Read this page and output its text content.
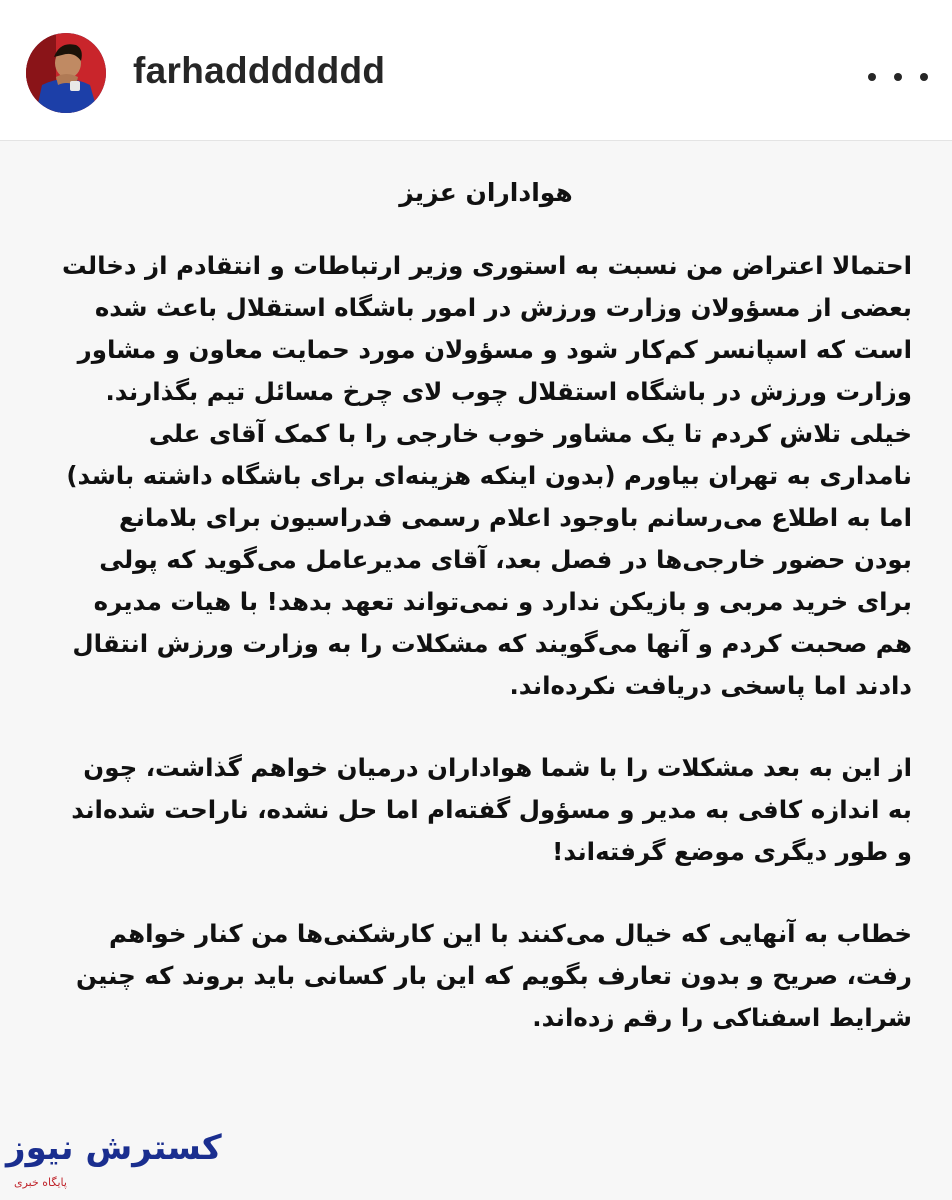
farhaddddddd
هواداران عزیز

احتمالا اعتراض من نسبت به استوری وزیر ارتباطات و انتقادم از دخالت بعضی از مسؤولان وزارت ورزش در امور باشگاه استقلال باعث شده است که اسپانسر کم‌کار شود و مسؤولان مورد حمایت معاون و مشاور وزارت ورزش در باشگاه استقلال چوب لای چرخ مسائل تیم بگذارند.

خیلی تلاش کردم تا یک مشاور خوب خارجی را با کمک آقای علی نامداری به تهران بیاورم (بدون اینکه هزینه‌ای برای باشگاه داشته باشد) اما به اطلاع می‌رسانم باوجود اعلام رسمی فدراسیون برای بلامانع بودن حضور خارجی‌ها در فصل بعد، آقای مدیرعامل می‌گوید که پولی برای خرید مربی و بازیکن ندارد و نمی‌تواند تعهد بدهد! با هیات مدیره هم صحبت کردم و آنها می‌گویند که مشکلات را به وزارت ورزش انتقال دادند اما پاسخی دریافت نکرده‌اند.

از این به بعد مشکلات را با شما هواداران درمیان خواهم گذاشت، چون به اندازه کافی به مدیر و مسؤول گفته‌ام اما حل نشده، ناراحت شده‌اند و طور دیگری موضع گرفته‌اند!

خطاب به آنهایی که خیال می‌کنند با این کارشکنی‌ها من کنار خواهم رفت، صریح و بدون تعارف بگویم که این بار کسانی باید بروند که چنین شرایط اسفناکی را رقم زده‌اند.

کسترش نیوز
پایگاه خبری
